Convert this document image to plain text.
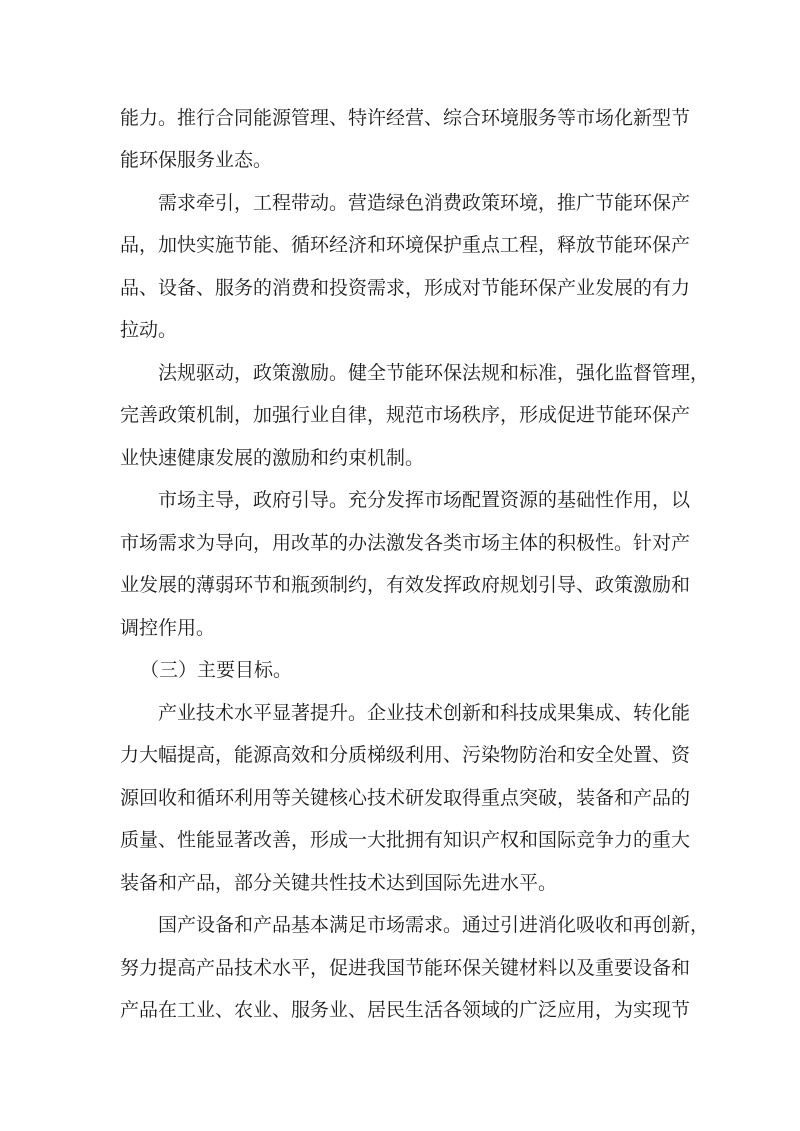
能力。推行合同能源管理、特许经营、综合环境服务等市场化新型节
能环保服务业态。
需求牵引，工程带动。营造绿色消费政策环境，推广节能环保产
品，加快实施节能、循环经济和环境保护重点工程，释放节能环保产
品、设备、服务的消费和投资需求，形成对节能环保产业发展的有力
拉动。
法规驱动，政策激励。健全节能环保法规和标准，强化监督管理，
完善政策机制，加强行业自律，规范市场秩序，形成促进节能环保产
业快速健康发展的激励和约束机制。
市场主导，政府引导。充分发挥市场配置资源的基础性作用，以
市场需求为导向，用改革的办法激发各类市场主体的积极性。针对产
业发展的薄弱环节和瓶颈制约，有效发挥政府规划引导、政策激励和
调控作用。
（三）主要目标。
产业技术水平显著提升。企业技术创新和科技成果集成、转化能
力大幅提高，能源高效和分质梯级利用、污染物防治和安全处置、资
源回收和循环利用等关键核心技术研发取得重点突破，装备和产品的
质量、性能显著改善，形成一大批拥有知识产权和国际竞争力的重大
装备和产品，部分关键共性技术达到国际先进水平。
国产设备和产品基本满足市场需求。通过引进消化吸收和再创新，
努力提高产品技术水平，促进我国节能环保关键材料以及重要设备和
产品在工业、农业、服务业、居民生活各领域的广泛应用，为实现节
